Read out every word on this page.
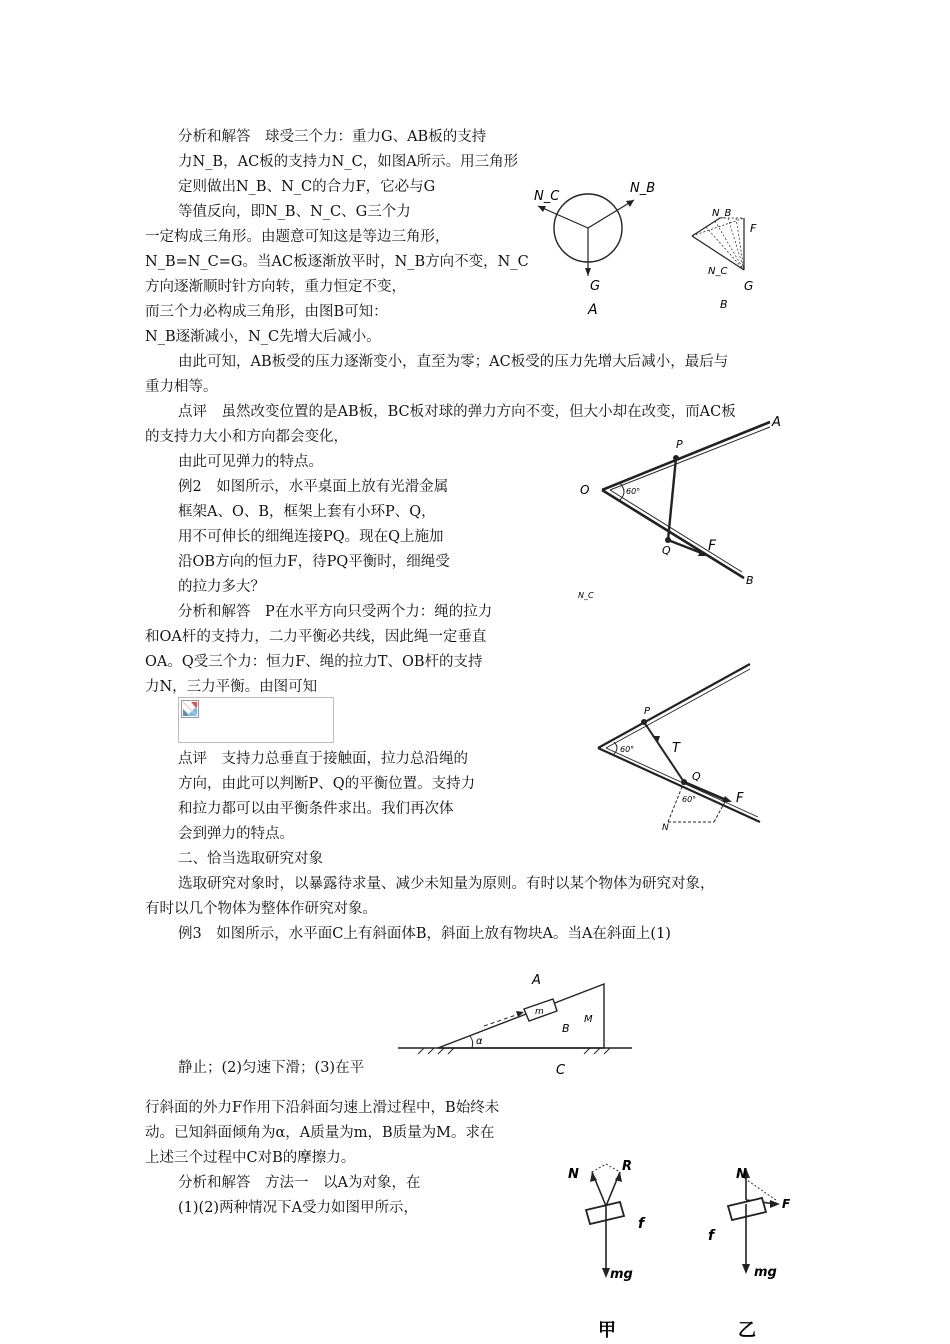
分析和解答　球受三个力：重力G、AB板的支持
力N_B，AC板的支持力N_C，如图A所示。用三角形
定则做出N_B、N_C的合力F，它必与G
等值反向，即N_B、N_C、G三个力
一定构成三角形。由题意可知这是等边三角形，
N_B=N_C=G。当AC板逐渐放平时，N_B方向不变，N_C
方向逐渐顺时针方向转，重力恒定不变，
而三个力必构成三角形，由图B可知：
N_B逐渐减小，N_C先增大后减小。
由此可知，AB板受的压力逐渐变小，直至为零；AC板受的压力先增大后减小，最后与
重力相等。
点评　虽然改变位置的是AB板，BC板对球的弹力方向不变，但大小却在改变，而AC板
的支持力大小和方向都会变化，
由此可见弹力的特点。
例2　如图所示，水平桌面上放有光滑金属
框架A、O、B，框架上套有小环P、Q，
用不可伸长的细绳连接PQ。现在Q上施加
沿OB方向的恒力F，待PQ平衡时，细绳受
的拉力多大？
分析和解答　P在水平方向只受两个力：绳的拉力
和OA杆的支持力，二力平衡必共线，因此绳一定垂直
OA。Q受三个力：恒力F、绳的拉力T、OB杆的支持
力N，三力平衡。由图可知
点评　支持力总垂直于接触面，拉力总沿绳的
方向，由此可以判断P、Q的平衡位置。支持力
和拉力都可以由平衡条件求出。我们再次体
会到弹力的特点。
二、恰当选取研究对象
选取研究对象时，以暴露待求量、减少未知量为原则。有时以某个物体为研究对象，
有时以几个物体为整体作研究对象。
例3　如图所示，水平面C上有斜面体B，斜面上放有物块A。当A在斜面上(1)
静止；(2)匀速下滑；(3)在平
行斜面的外力F作用下沿斜面匀速上滑过程中，B始终未
动。已知斜面倾角为α，A质量为m，B质量为M。求在
上述三个过程中C对B的摩擦力。
分析和解答　方法一　以A为对象，在
(1)(2)两种情况下A受力如图甲所示，
N_C
N_B
G
A
N_B
F
N_C
G
B
A
P
O
Q	F
B
60°
N_C
P
T
Q
F
N
60°
60°
A
m
B
M
α
C
N
R
f
mg
甲
N
F
f
mg
乙
